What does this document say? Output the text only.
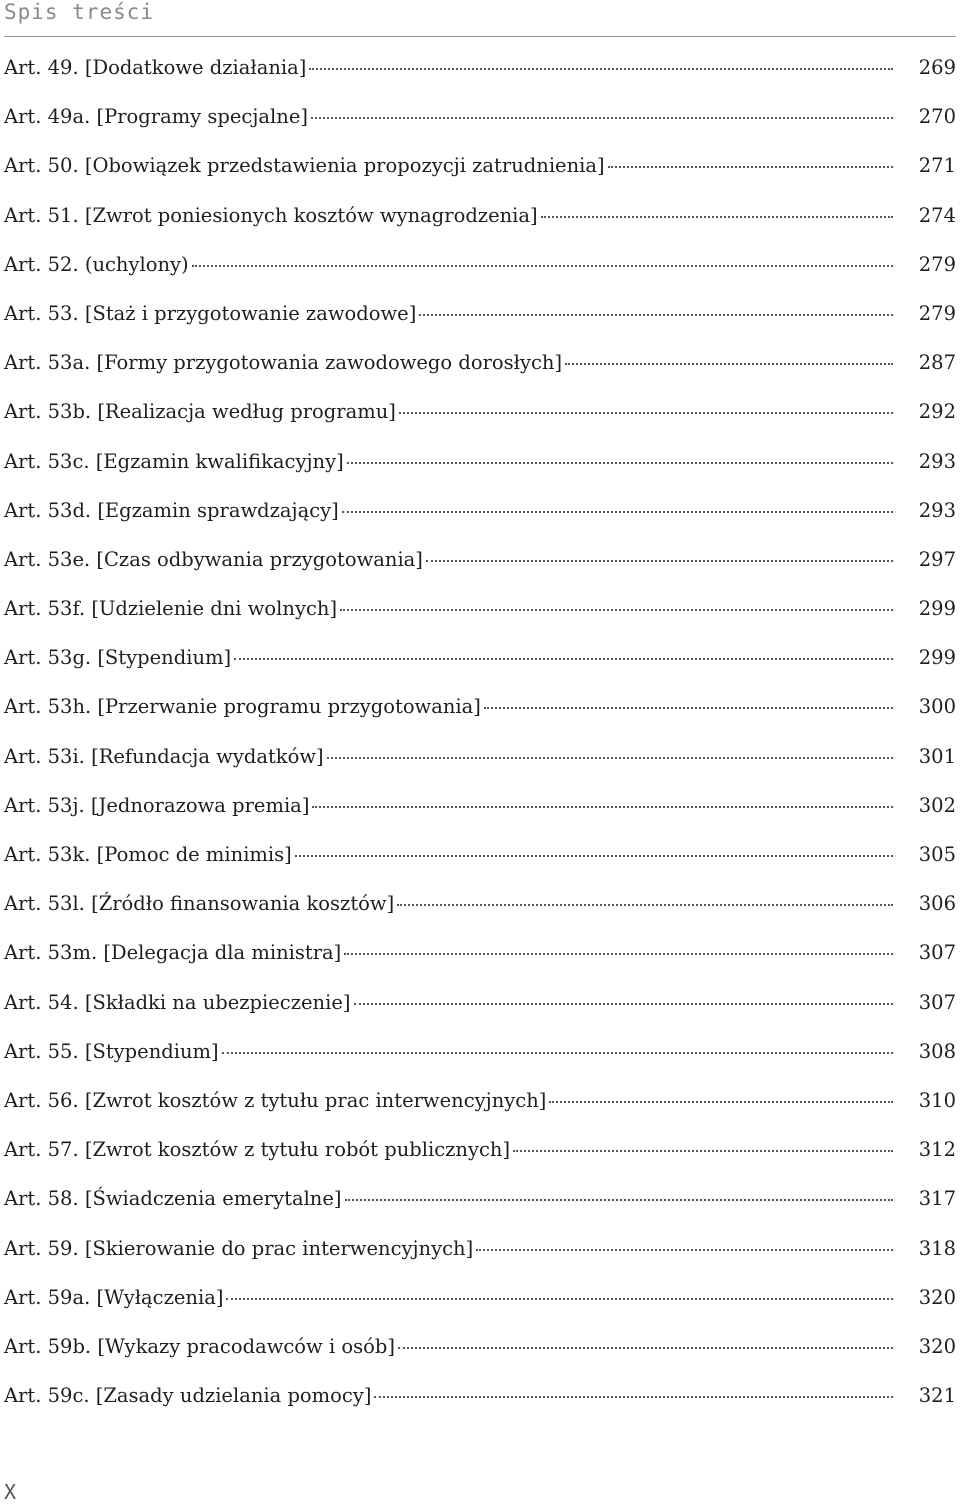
Spis treści
Art. 49. [Dodatkowe działania]	269
Art. 49a. [Programy specjalne]	270
Art. 50. [Obowiązek przedstawienia propozycji zatrudnienia]	271
Art. 51. [Zwrot poniesionych kosztów wynagrodzenia]	274
Art. 52. (uchylony)	279
Art. 53. [Staż i przygotowanie zawodowe]	279
Art. 53a. [Formy przygotowania zawodowego dorosłych]	287
Art. 53b. [Realizacja według programu]	292
Art. 53c. [Egzamin kwalifikacyjny]	293
Art. 53d. [Egzamin sprawdzający]	293
Art. 53e. [Czas odbywania przygotowania]	297
Art. 53f. [Udzielenie dni wolnych]	299
Art. 53g. [Stypendium]	299
Art. 53h. [Przerwanie programu przygotowania]	300
Art. 53i. [Refundacja wydatków]	301
Art. 53j. [Jednorazowa premia]	302
Art. 53k. [Pomoc de minimis]	305
Art. 53l. [Źródło finansowania kosztów]	306
Art. 53m. [Delegacja dla ministra]	307
Art. 54. [Składki na ubezpieczenie]	307
Art. 55. [Stypendium]	308
Art. 56. [Zwrot kosztów z tytułu prac interwencyjnych]	310
Art. 57. [Zwrot kosztów z tytułu robót publicznych]	312
Art. 58. [Świadczenia emerytalne]	317
Art. 59. [Skierowanie do prac interwencyjnych]	318
Art. 59a. [Wyłączenia]	320
Art. 59b. [Wykazy pracodawców i osób]	320
Art. 59c. [Zasady udzielania pomocy]	321
X
